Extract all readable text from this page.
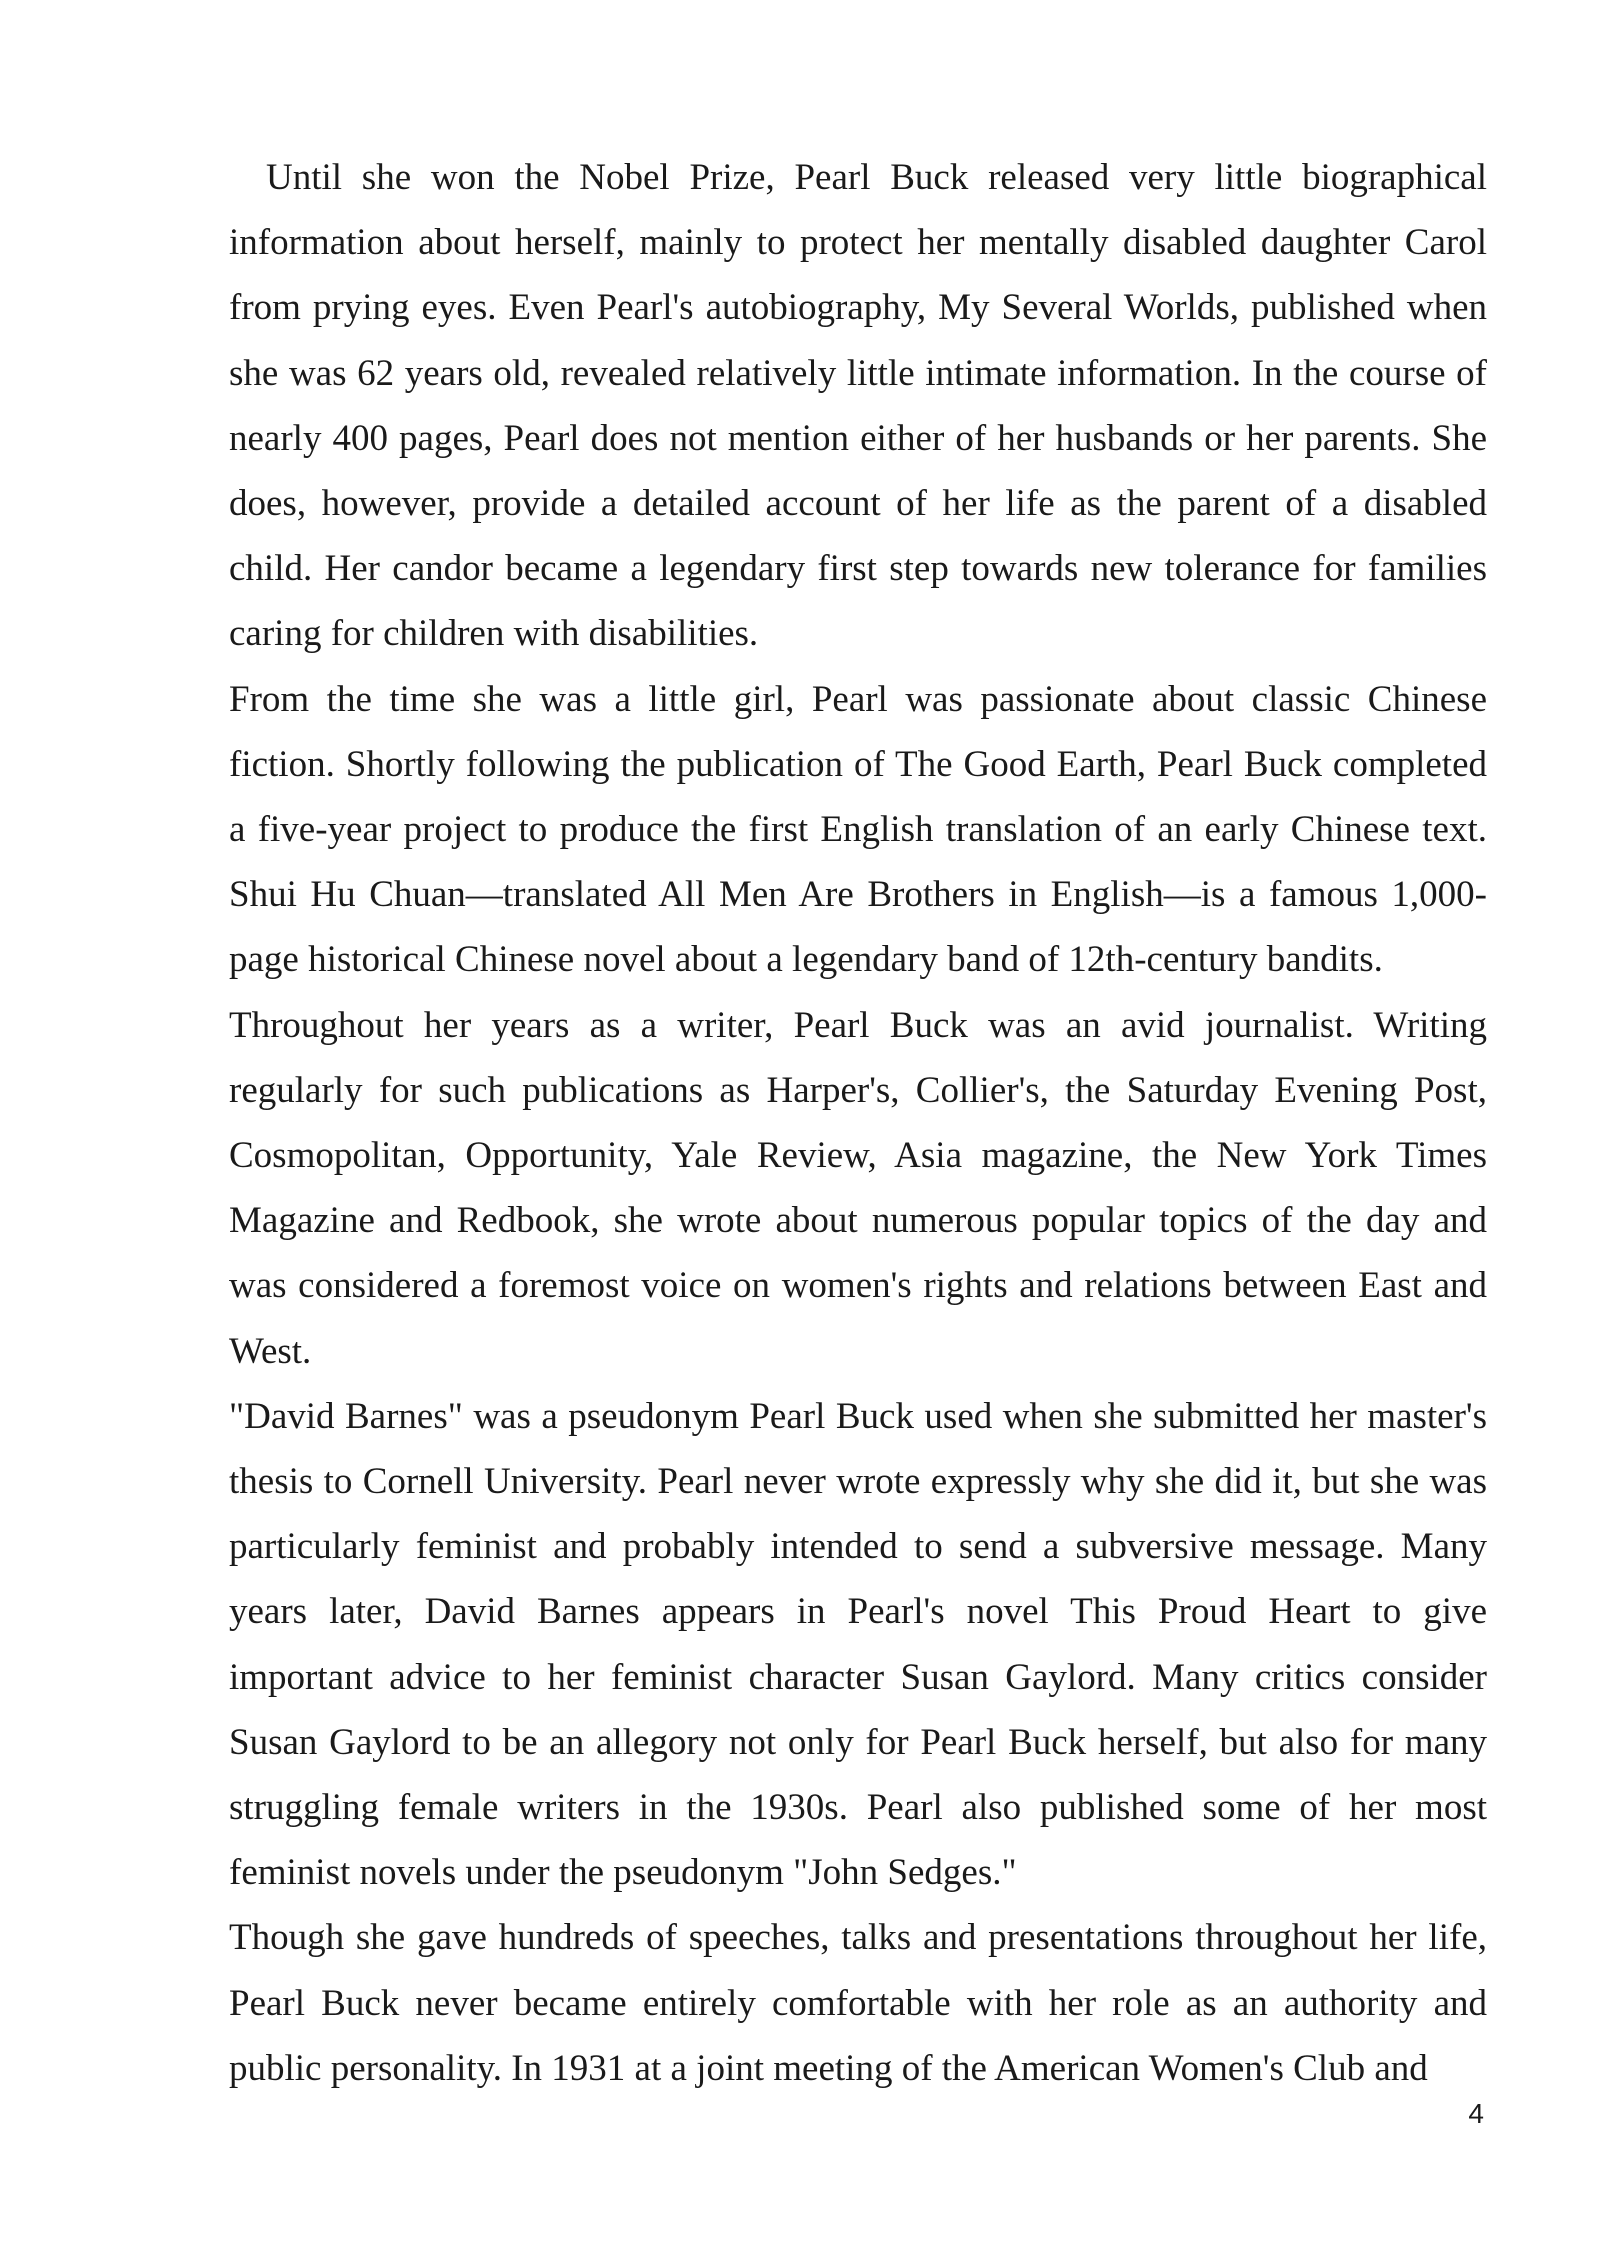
Until she won the Nobel Prize, Pearl Buck released very little biographical information about herself, mainly to protect her mentally disabled daughter Carol from prying eyes. Even Pearl's autobiography, My Several Worlds, published when she was 62 years old, revealed relatively little intimate information. In the course of nearly 400 pages, Pearl does not mention either of her husbands or her parents. She does, however, provide a detailed account of her life as the parent of a disabled child. Her candor became a legendary first step towards new tolerance for families caring for children with disabilities.

From the time she was a little girl, Pearl was passionate about classic Chinese fiction. Shortly following the publication of The Good Earth, Pearl Buck completed a five-year project to produce the first English translation of an early Chinese text. Shui Hu Chuan—translated All Men Are Brothers in English—is a famous 1,000-page historical Chinese novel about a legendary band of 12th-century bandits.

Throughout her years as a writer, Pearl Buck was an avid journalist. Writing regularly for such publications as Harper's, Collier's, the Saturday Evening Post, Cosmopolitan, Opportunity, Yale Review, Asia magazine, the New York Times Magazine and Redbook, she wrote about numerous popular topics of the day and was considered a foremost voice on women's rights and relations between East and West.

"David Barnes" was a pseudonym Pearl Buck used when she submitted her master's thesis to Cornell University. Pearl never wrote expressly why she did it, but she was particularly feminist and probably intended to send a subversive message. Many years later, David Barnes appears in Pearl's novel This Proud Heart to give important advice to her feminist character Susan Gaylord. Many critics consider Susan Gaylord to be an allegory not only for Pearl Buck herself, but also for many struggling female writers in the 1930s. Pearl also published some of her most feminist novels under the pseudonym "John Sedges."

Though she gave hundreds of speeches, talks and presentations throughout her life, Pearl Buck never became entirely comfortable with her role as an authority and public personality. In 1931 at a joint meeting of the American Women's Club and

4
